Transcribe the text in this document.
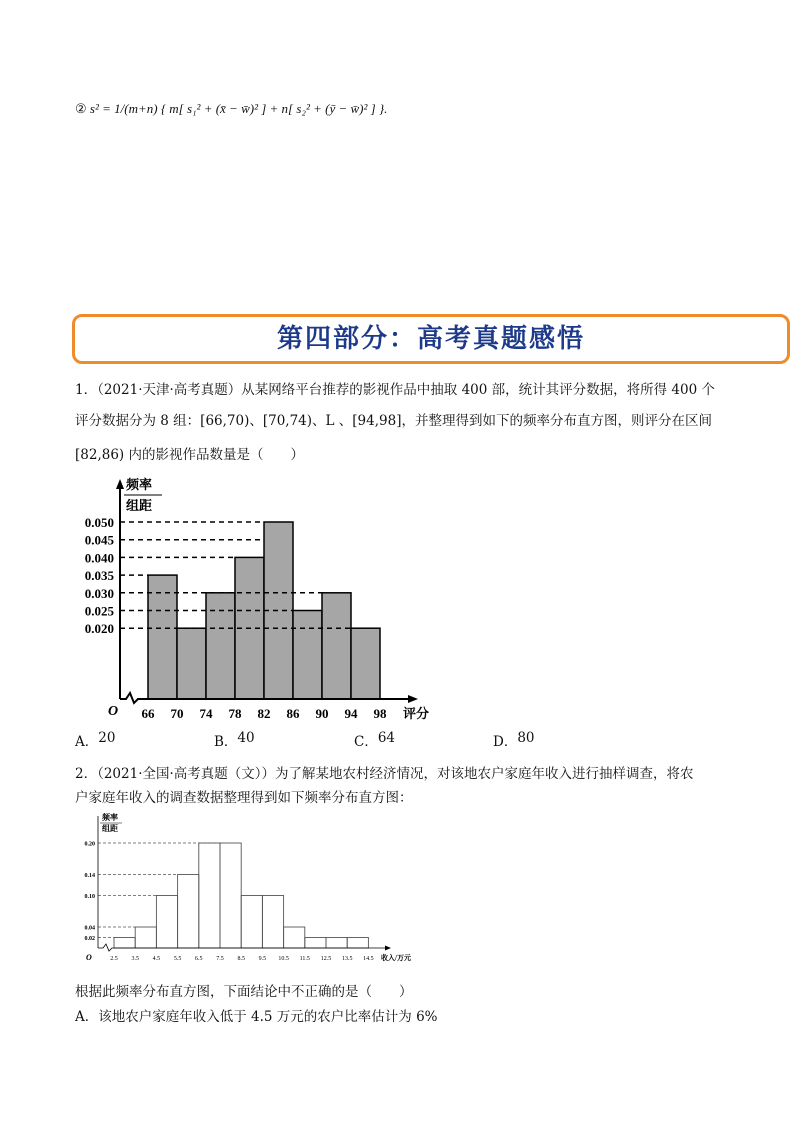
② s² = 1/(m+n) { m[ s₁² + (x̄ − w̄)² ] + n[ s₂² + (ȳ − w̄)² ] }.
第四部分：高考真题感悟
1．（2021·天津·高考真题）从某网络平台推荐的影视作品中抽取 400 部，统计其评分数据，将所得 400 个
评分数据分为 8 组：[66,70)、[70,74)、L 、[94,98]，并整理得到如下的频率分布直方图，则评分在区间
[82,86) 内的影视作品数量是（　　）
频率
组距
0.050
0.045
0.040
0.035
0.030
0.025
0.020
66 70 74 78 82 86 90 94 98
O	评分
A．20	B．40	C．64	D．80
2．（2021·全国·高考真题（文））为了解某地农村经济情况，对该地农户家庭年收入进行抽样调查，将农
户家庭年收入的调查数据整理得到如下频率分布直方图：
频率
组距
0.20
0.14
0.10
0.04
0.02
2.5 3.5 4.5 5.5 6.5 7.5 8.5 9.5 10.5 11.5 12.5 13.5 14.5
O	收入/万元
根据此频率分布直方图，下面结论中不正确的是（　　）
A．该地农户家庭年收入低于 4.5 万元的农户比率估计为 6%
